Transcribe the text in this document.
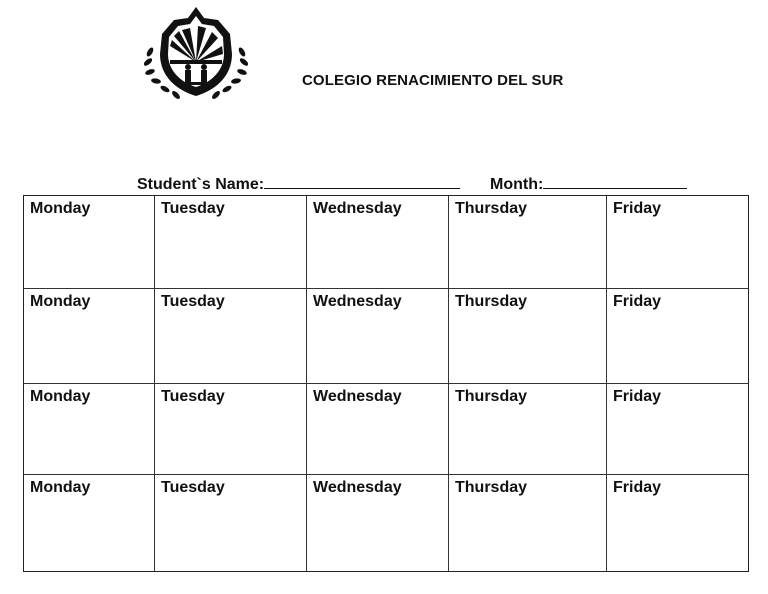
COLEGIO RENACIMIENTO DEL SUR
Student`s Name:	Month:
Monday	Tuesday	Wednesday	Thursday	Friday
Monday	Tuesday	Wednesday	Thursday	Friday
Monday	Tuesday	Wednesday	Thursday	Friday
Monday	Tuesday	Wednesday	Thursday	Friday
